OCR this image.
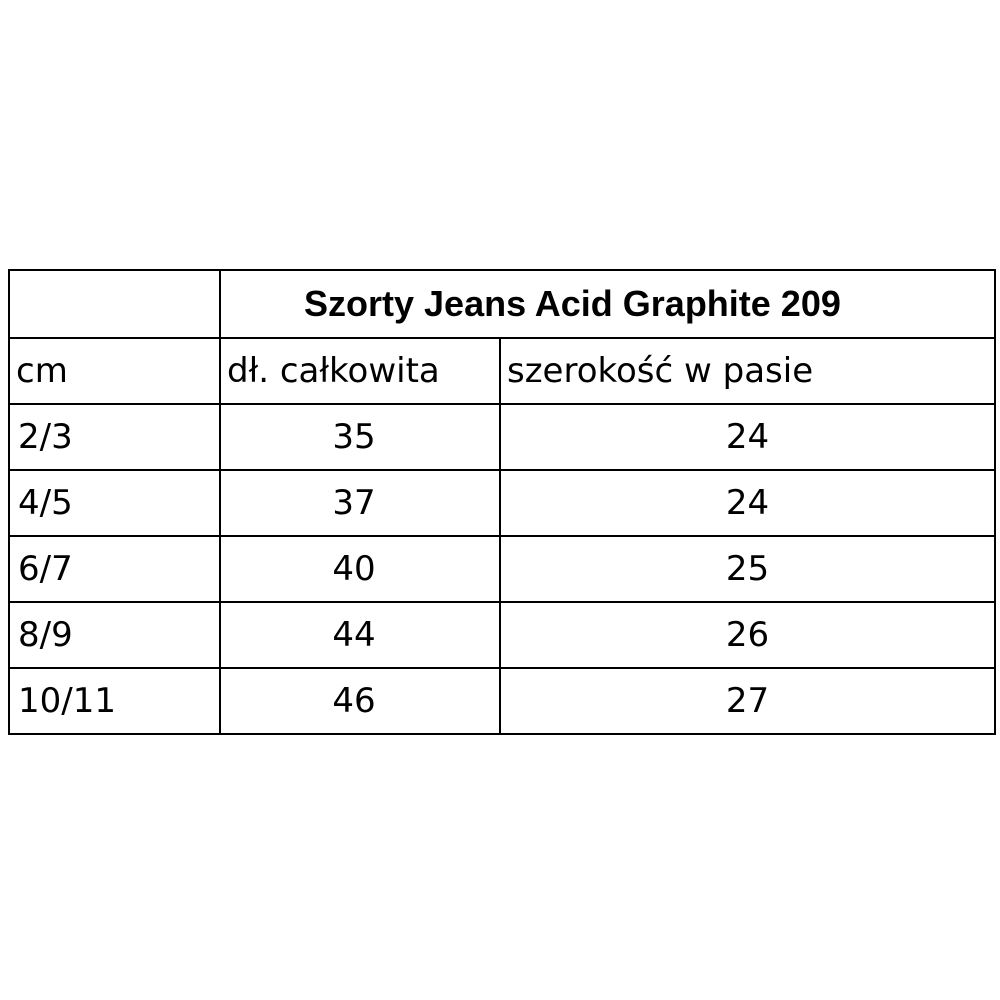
	Szorty Jeans Acid Graphite 209	
cm	dł. całkowita	szerokość w pasie
2/3	35	24
4/5	37	24
6/7	40	25
8/9	44	26
10/11	46	27
